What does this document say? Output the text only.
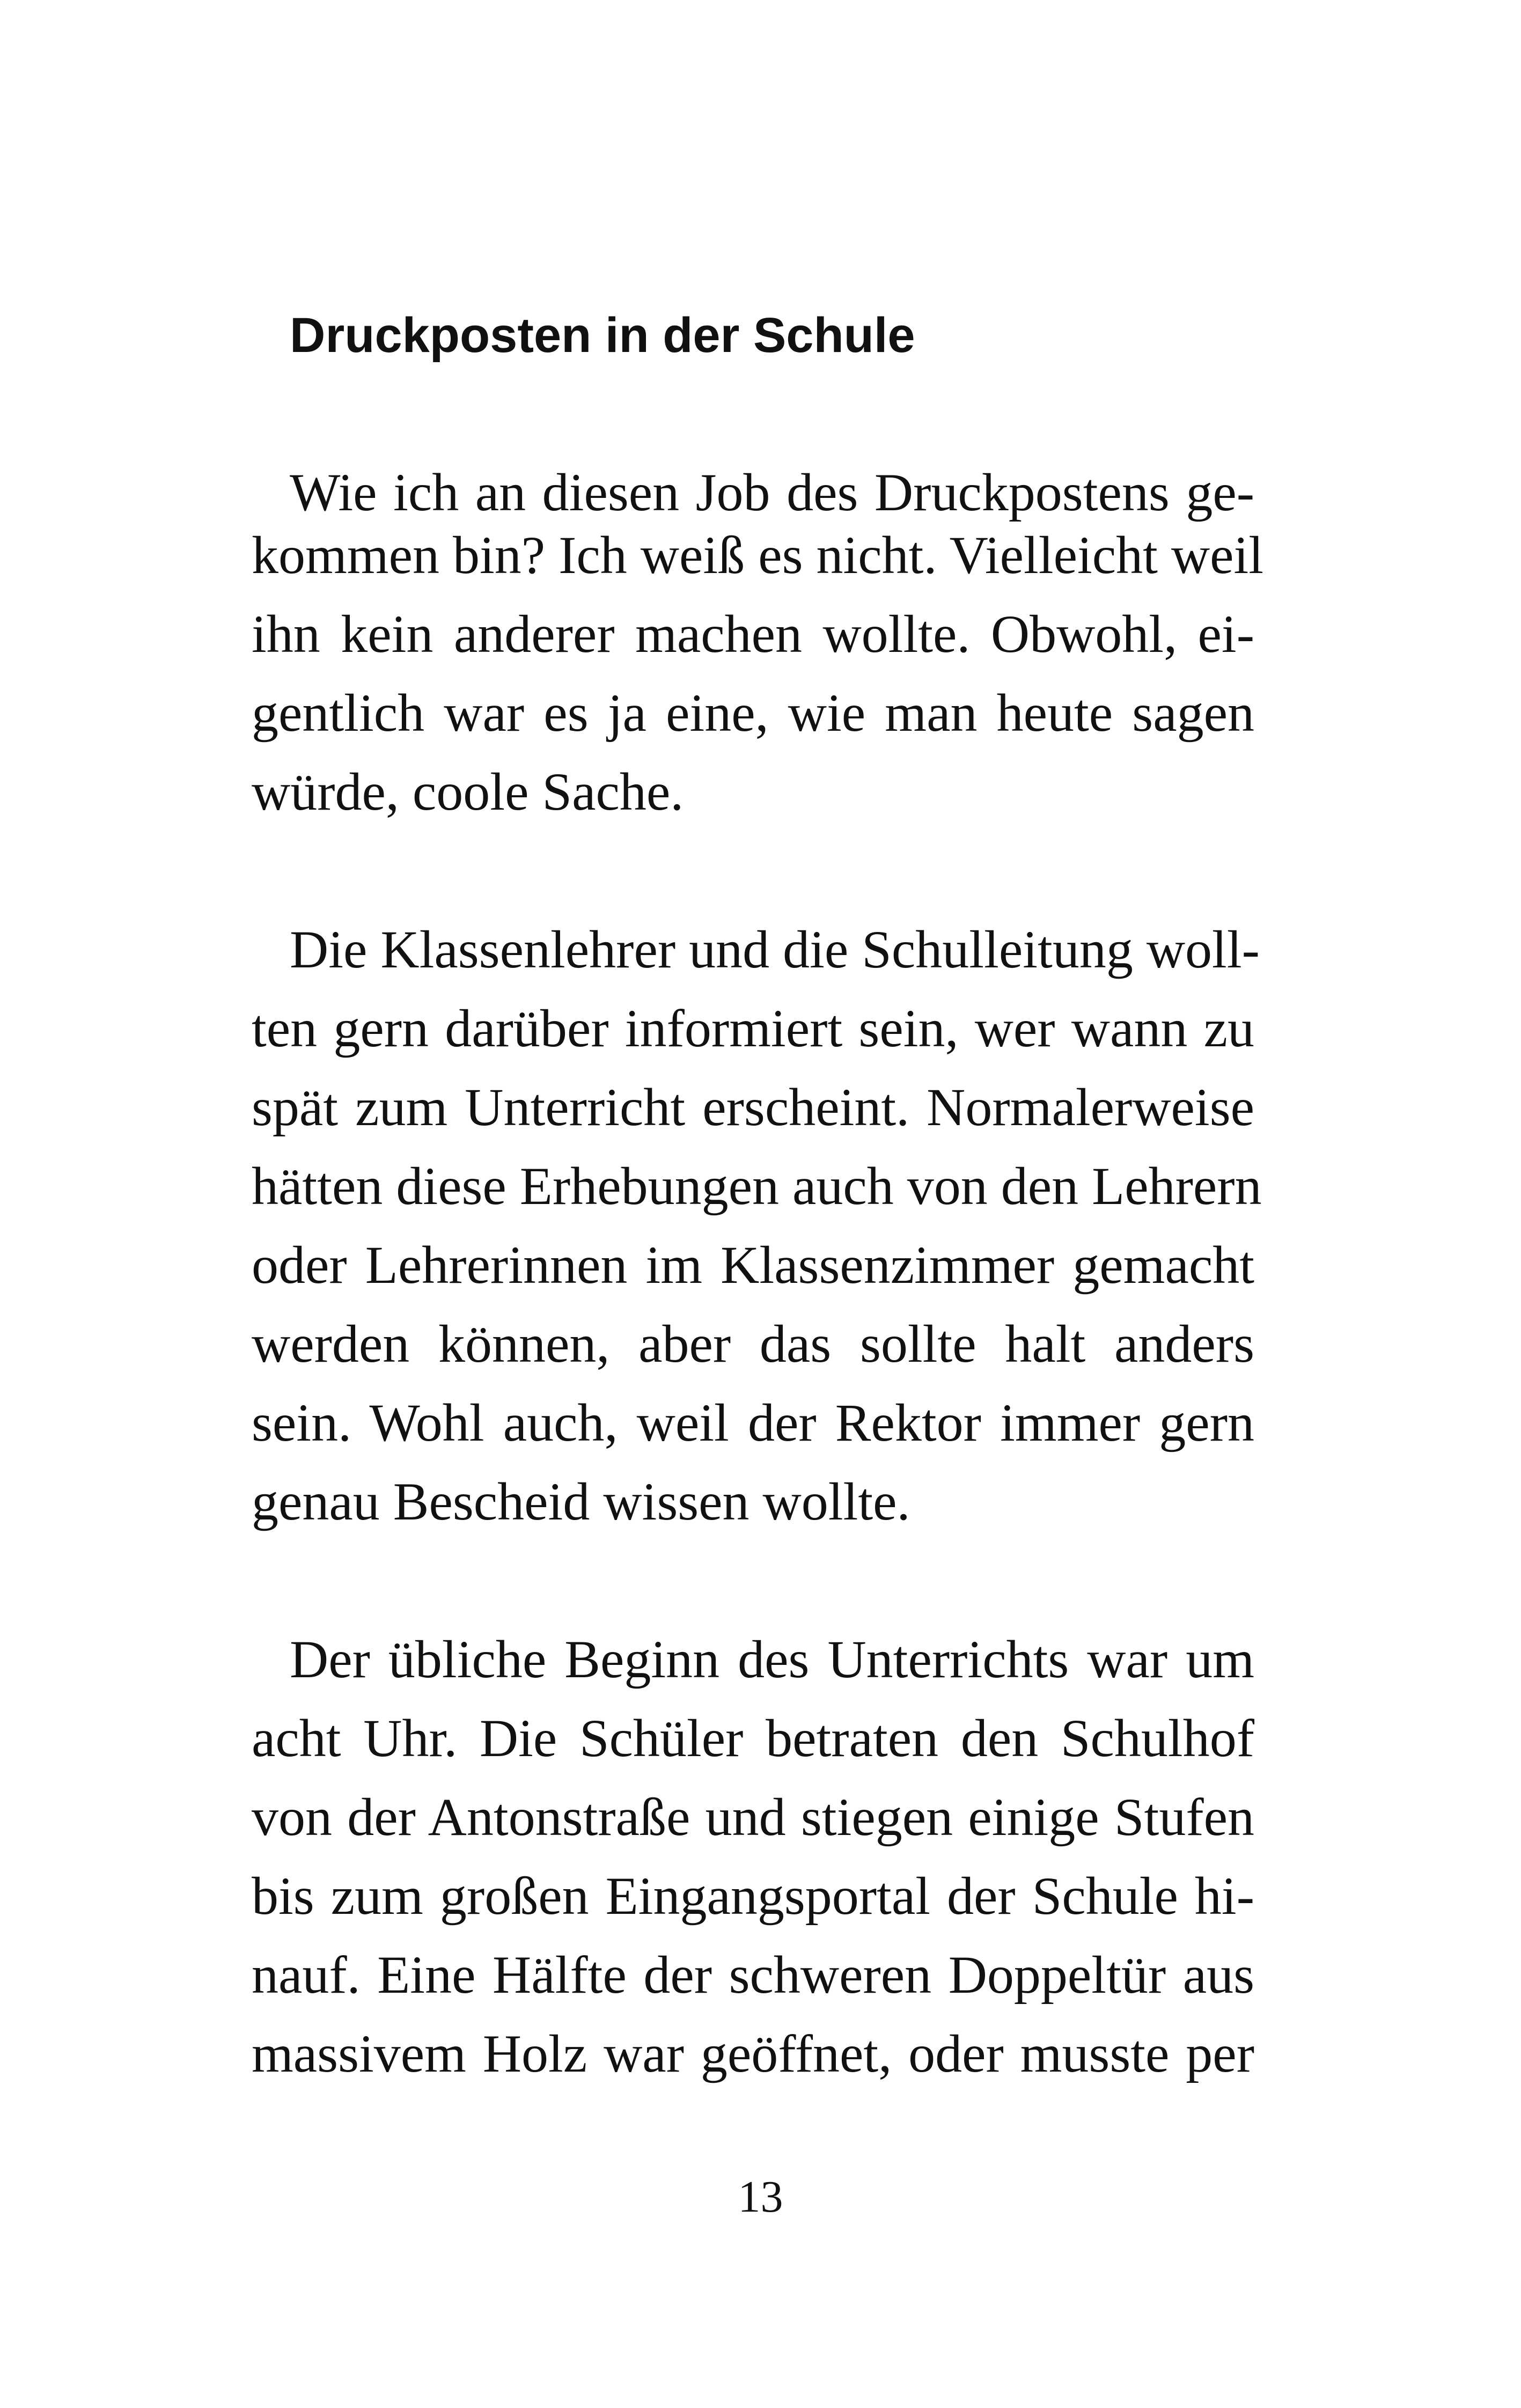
Druckposten in der Schule
Wie ich an diesen Job des Druckpostens ge-
kommen bin? Ich weiß es nicht. Vielleicht weil
ihn kein anderer machen wollte. Obwohl, ei-
gentlich war es ja eine, wie man heute sagen
würde, coole Sache.
Die Klassenlehrer und die Schulleitung woll-
ten gern darüber informiert sein, wer wann zu
spät zum Unterricht erscheint. Normalerweise
hätten diese Erhebungen auch von den Lehrern
oder Lehrerinnen im Klassenzimmer gemacht
werden können, aber das sollte halt anders
sein. Wohl auch, weil der Rektor immer gern
genau Bescheid wissen wollte.
Der übliche Beginn des Unterrichts war um
acht Uhr. Die Schüler betraten den Schulhof
von der Antonstraße und stiegen einige Stufen
bis zum großen Eingangsportal der Schule hi-
nauf. Eine Hälfte der schweren Doppeltür aus
massivem Holz war geöffnet, oder musste per
13
